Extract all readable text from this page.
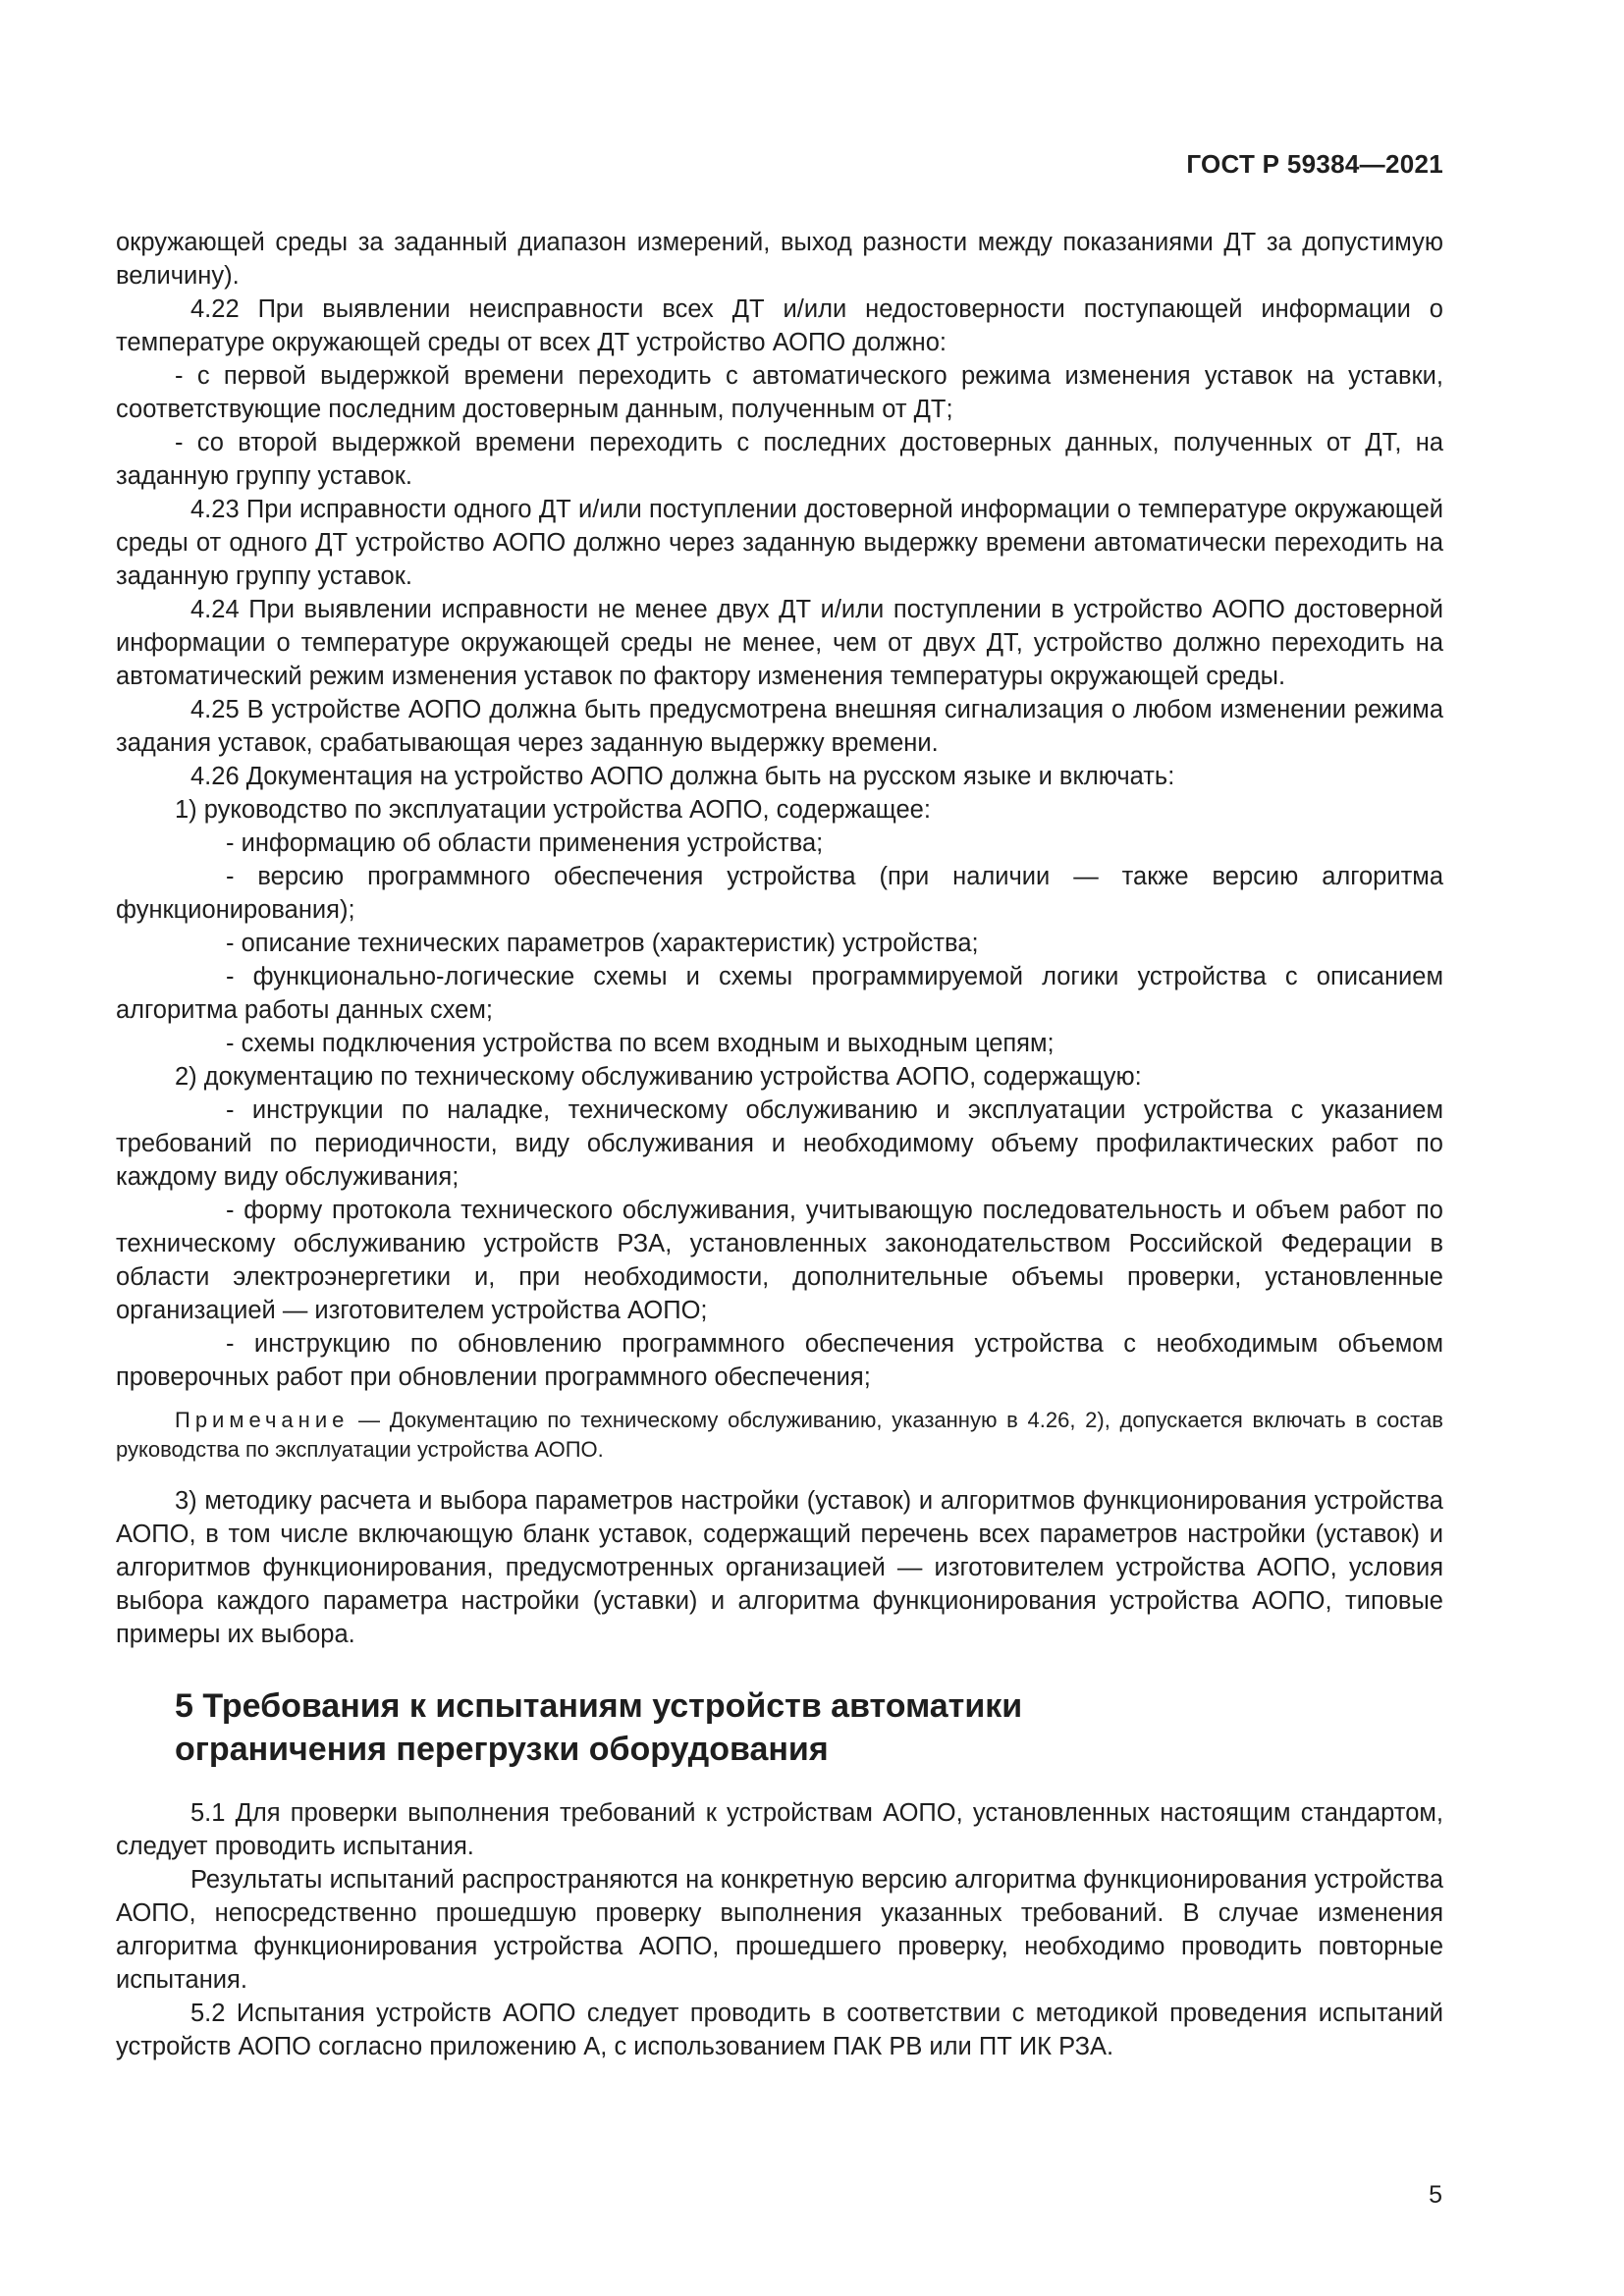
ГОСТ Р 59384—2021

окружающей среды за заданный диапазон измерений, выход разности между показаниями ДТ за допустимую величину).

4.22 При выявлении неисправности всех ДТ и/или недостоверности поступающей информации о температуре окружающей среды от всех ДТ устройство АОПО должно:

- с первой выдержкой времени переходить с автоматического режима изменения уставок на уставки, соответствующие последним достоверным данным, полученным от ДТ;

- со второй выдержкой времени переходить с последних достоверных данных, полученных от ДТ, на заданную группу уставок.

4.23 При исправности одного ДТ и/или поступлении достоверной информации о температуре окружающей среды от одного ДТ устройство АОПО должно через заданную выдержку времени автоматически переходить на заданную группу уставок.

4.24 При выявлении исправности не менее двух ДТ и/или поступлении в устройство АОПО достоверной информации о температуре окружающей среды не менее, чем от двух ДТ, устройство должно переходить на автоматический режим изменения уставок по фактору изменения температуры окружающей среды.

4.25 В устройстве АОПО должна быть предусмотрена внешняя сигнализация о любом изменении режима задания уставок, срабатывающая через заданную выдержку времени.

4.26 Документация на устройство АОПО должна быть на русском языке и включать:

1) руководство по эксплуатации устройства АОПО, содержащее:

- информацию об области применения устройства;

- версию программного обеспечения устройства (при наличии — также версию алгоритма функционирования);

- описание технических параметров (характеристик) устройства;

- функционально-логические схемы и схемы программируемой логики устройства с описанием алгоритма работы данных схем;

- схемы подключения устройства по всем входным и выходным цепям;

2) документацию по техническому обслуживанию устройства АОПО, содержащую:

- инструкции по наладке, техническому обслуживанию и эксплуатации устройства с указанием требований по периодичности, виду обслуживания и необходимому объему профилактических работ по каждому виду обслуживания;

- форму протокола технического обслуживания, учитывающую последовательность и объем работ по техническому обслуживанию устройств РЗА, установленных законодательством Российской Федерации в области электроэнергетики и, при необходимости, дополнительные объемы проверки, установленные организацией — изготовителем устройства АОПО;

- инструкцию по обновлению программного обеспечения устройства с необходимым объемом проверочных работ при обновлении программного обеспечения;

Примечание — Документацию по техническому обслуживанию, указанную в 4.26, 2), допускается включать в состав руководства по эксплуатации устройства АОПО.

3) методику расчета и выбора параметров настройки (уставок) и алгоритмов функционирования устройства АОПО, в том числе включающую бланк уставок, содержащий перечень всех параметров настройки (уставок) и алгоритмов функционирования, предусмотренных организацией — изготовителем устройства АОПО, условия выбора каждого параметра настройки (уставки) и алгоритма функционирования устройства АОПО, типовые примеры их выбора.

5 Требования к испытаниям устройств автоматики
ограничения перегрузки оборудования

5.1 Для проверки выполнения требований к устройствам АОПО, установленных настоящим стандартом, следует проводить испытания.

Результаты испытаний распространяются на конкретную версию алгоритма функционирования устройства АОПО, непосредственно прошедшую проверку выполнения указанных требований. В случае изменения алгоритма функционирования устройства АОПО, прошедшего проверку, необходимо проводить повторные испытания.

5.2 Испытания устройств АОПО следует проводить в соответствии с методикой проведения испытаний устройств АОПО согласно приложению А, с использованием ПАК РВ или ПТ ИК РЗА.

5
